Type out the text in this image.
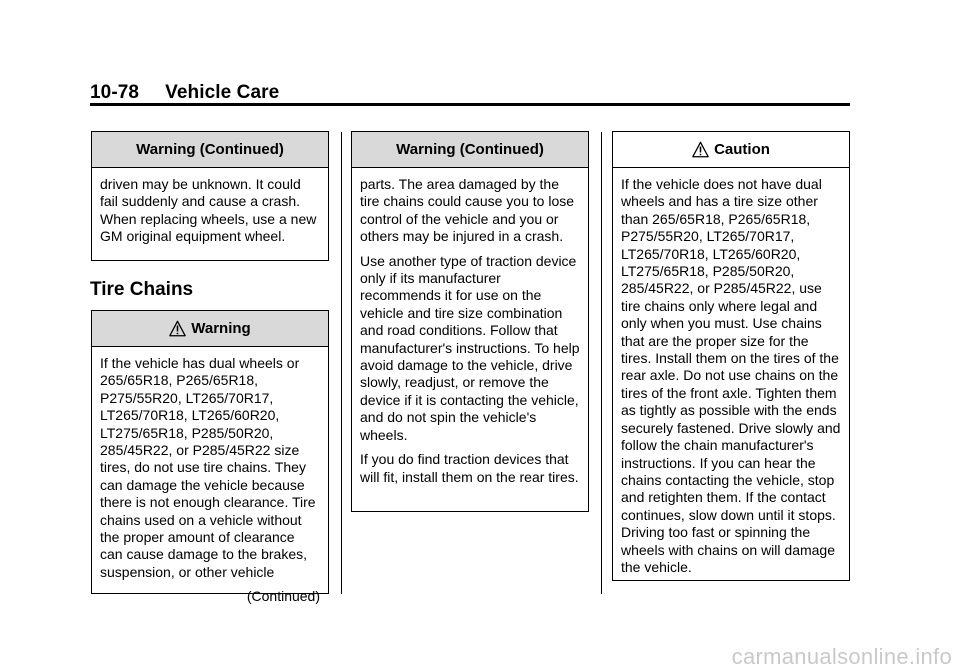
10-78 Vehicle Care
Warning (Continued)

driven may be unknown. It could fail suddenly and cause a crash. When replacing wheels, use a new GM original equipment wheel.

Tire Chains
Warning

If the vehicle has dual wheels or 265/65R18, P265/65R18, P275/55R20, LT265/70R17, LT265/70R18, LT265/60R20, LT275/65R18, P285/50R20, 285/45R22, or P285/45R22 size tires, do not use tire chains. They can damage the vehicle because there is not enough clearance. Tire chains used on a vehicle without the proper amount of clearance can cause damage to the brakes, suspension, or other vehicle

(Continued)
Warning (Continued)

parts. The area damaged by the tire chains could cause you to lose control of the vehicle and you or others may be injured in a crash.

Use another type of traction device only if its manufacturer recommends it for use on the vehicle and tire size combination and road conditions. Follow that manufacturer's instructions. To help avoid damage to the vehicle, drive slowly, readjust, or remove the device if it is contacting the vehicle, and do not spin the vehicle's wheels.

If you do find traction devices that will fit, install them on the rear tires.

Caution

If the vehicle does not have dual wheels and has a tire size other than 265/65R18, P265/65R18, P275/55R20, LT265/70R17, LT265/70R18, LT265/60R20, LT275/65R18, P285/50R20, 285/45R22, or P285/45R22, use tire chains only where legal and only when you must. Use chains that are the proper size for the tires. Install them on the tires of the rear axle. Do not use chains on the tires of the front axle. Tighten them as tightly as possible with the ends securely fastened. Drive slowly and follow the chain manufacturer's instructions. If you can hear the chains contacting the vehicle, stop and retighten them. If the contact continues, slow down until it stops. Driving too fast or spinning the wheels with chains on will damage the vehicle.

carmanualsonline.info
